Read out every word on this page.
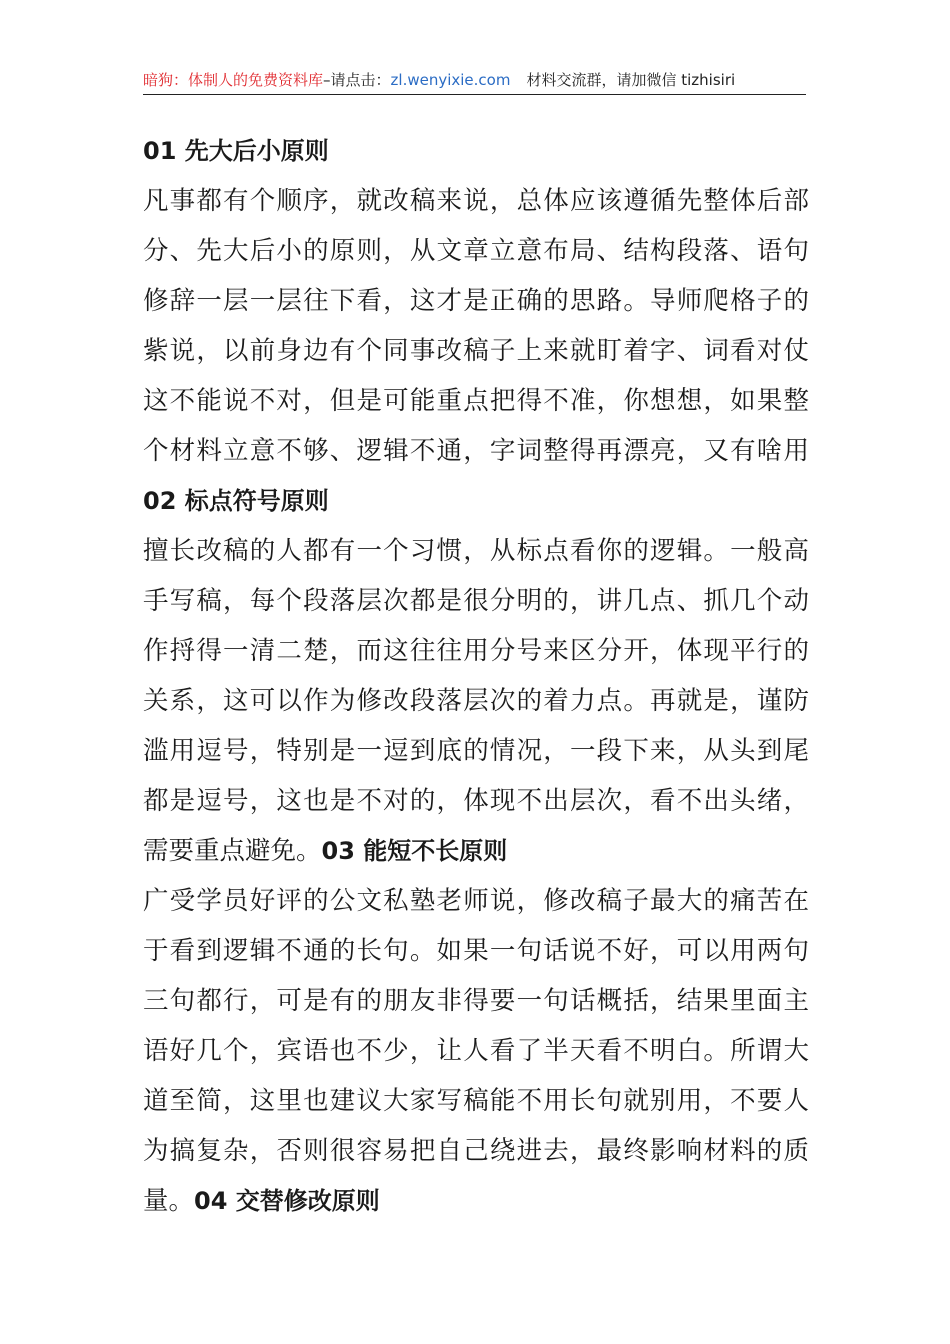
暗狗：体制人的免费资料库–请点击：zl.wenyixie.com 材料交流群，请加微信 tizhisiri
01 先大后小原则
凡事都有个顺序，就改稿来说，总体应该遵循先整体后部
分、先大后小的原则，从文章立意布局、结构段落、语句
修辞一层一层往下看，这才是正确的思路。导师爬格子的
紫说，以前身边有个同事改稿子上来就盯着字、词看对仗
这不能说不对，但是可能重点把得不准，你想想，如果整
个材料立意不够、逻辑不通，字词整得再漂亮，又有啥用
02 标点符号原则
擅长改稿的人都有一个习惯，从标点看你的逻辑。一般高
手写稿，每个段落层次都是很分明的，讲几点、抓几个动
作捋得一清二楚，而这往往用分号来区分开，体现平行的
关系，这可以作为修改段落层次的着力点。再就是，谨防
滥用逗号，特别是一逗到底的情况，一段下来，从头到尾
都是逗号，这也是不对的，体现不出层次，看不出头绪，
需要重点避免。03 能短不长原则
广受学员好评的公文私塾老师说，修改稿子最大的痛苦在
于看到逻辑不通的长句。如果一句话说不好，可以用两句
三句都行，可是有的朋友非得要一句话概括，结果里面主
语好几个，宾语也不少，让人看了半天看不明白。所谓大
道至简，这里也建议大家写稿能不用长句就别用，不要人
为搞复杂，否则很容易把自己绕进去，最终影响材料的质
量。04 交替修改原则
